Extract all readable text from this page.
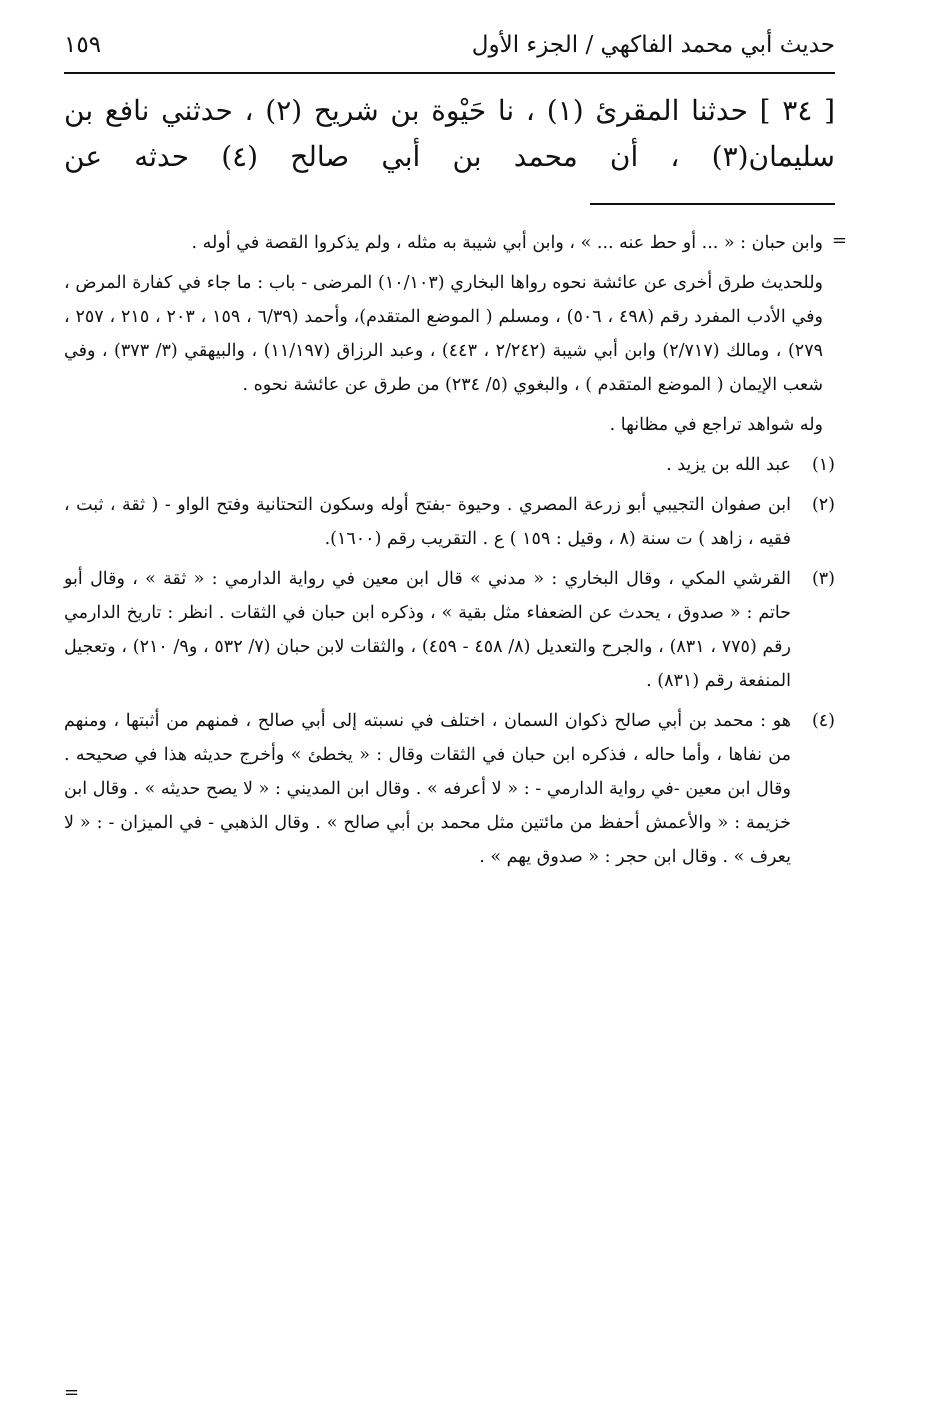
حديث أبي محمد الفاكهي / الجزء الأول
١٥٩
[ ٣٤ ] حدثنا المقرئ (١) ، نا حَيْوة بن شريح (٢) ، حدثني نافع بن
سليمان(٣) ، أن محمد بن أبي صالح (٤) حدثه عن
=

وابن حبان : « ... أو حط عنه ... » ، وابن أبي شيبة به مثله ، ولم يذكروا القصة في أوله .

وللحديث طرق أخرى عن عائشة نحوه رواها البخاري (١٠/١٠٣) المرضى - باب : ما جاء في كفارة المرض ، وفي الأدب المفرد رقم (٤٩٨ ، ٥٠٦) ، ومسلم ( الموضع المتقدم)، وأحمد (٦/٣٩ ، ١٥٩ ، ٢٠٣ ، ٢١٥ ، ٢٥٧ ، ٢٧٩) ، ومالك (٢/٧١٧) وابن أبي شيبة (٢/٢٤٢ ، ٤٤٣) ، وعبد الرزاق (١١/١٩٧) ، والبيهقي (٣/ ٣٧٣) ، وفي شعب الإيمان ( الموضع المتقدم ) ، والبغوي (٥/ ٢٣٤) من طرق عن عائشة نحوه .

وله شواهد تراجع في مظانها .

(١)
عبد الله بن يزيد .
(٢)
ابن صفوان التجيبي أبو زرعة المصري . وحيوة -بفتح أوله وسكون التحتانية وفتح الواو - ( ثقة ، ثبت ، فقيه ، زاهد ) ت سنة (٨ ، وقيل : ١٥٩ ) ع . التقريب رقم (١٦٠٠).
(٣)
القرشي المكي ، وقال البخاري : « مدني » قال ابن معين في رواية الدارمي : « ثقة » ، وقال أبو حاتم : « صدوق ، يحدث عن الضعفاء مثل بقية » ، وذكره ابن حبان في الثقات . انظر : تاريخ الدارمي رقم (٧٧٥ ، ٨٣١) ، والجرح والتعديل (٨/ ٤٥٨ - ٤٥٩) ، والثقات لابن حبان (٧/ ٥٣٢ ، و٩/ ٢١٠) ، وتعجيل المنفعة رقم (٨٣١) .
(٤)
هو : محمد بن أبي صالح ذكوان السمان ، اختلف في نسبته إلى أبي صالح ، فمنهم من أثبتها ، ومنهم من نفاها ، وأما حاله ، فذكره ابن حبان في الثقات وقال : « يخطئ » وأخرج حديثه هذا في صحيحه . وقال ابن معين -في رواية الدارمي - : « لا أعرفه » . وقال ابن المديني : « لا يصح حديثه » . وقال ابن خزيمة : « والأعمش أحفظ من مائتين مثل محمد بن أبي صالح » . وقال الذهبي - في الميزان - : « لا يعرف » . وقال ابن حجر : « صدوق يهم » .
=
